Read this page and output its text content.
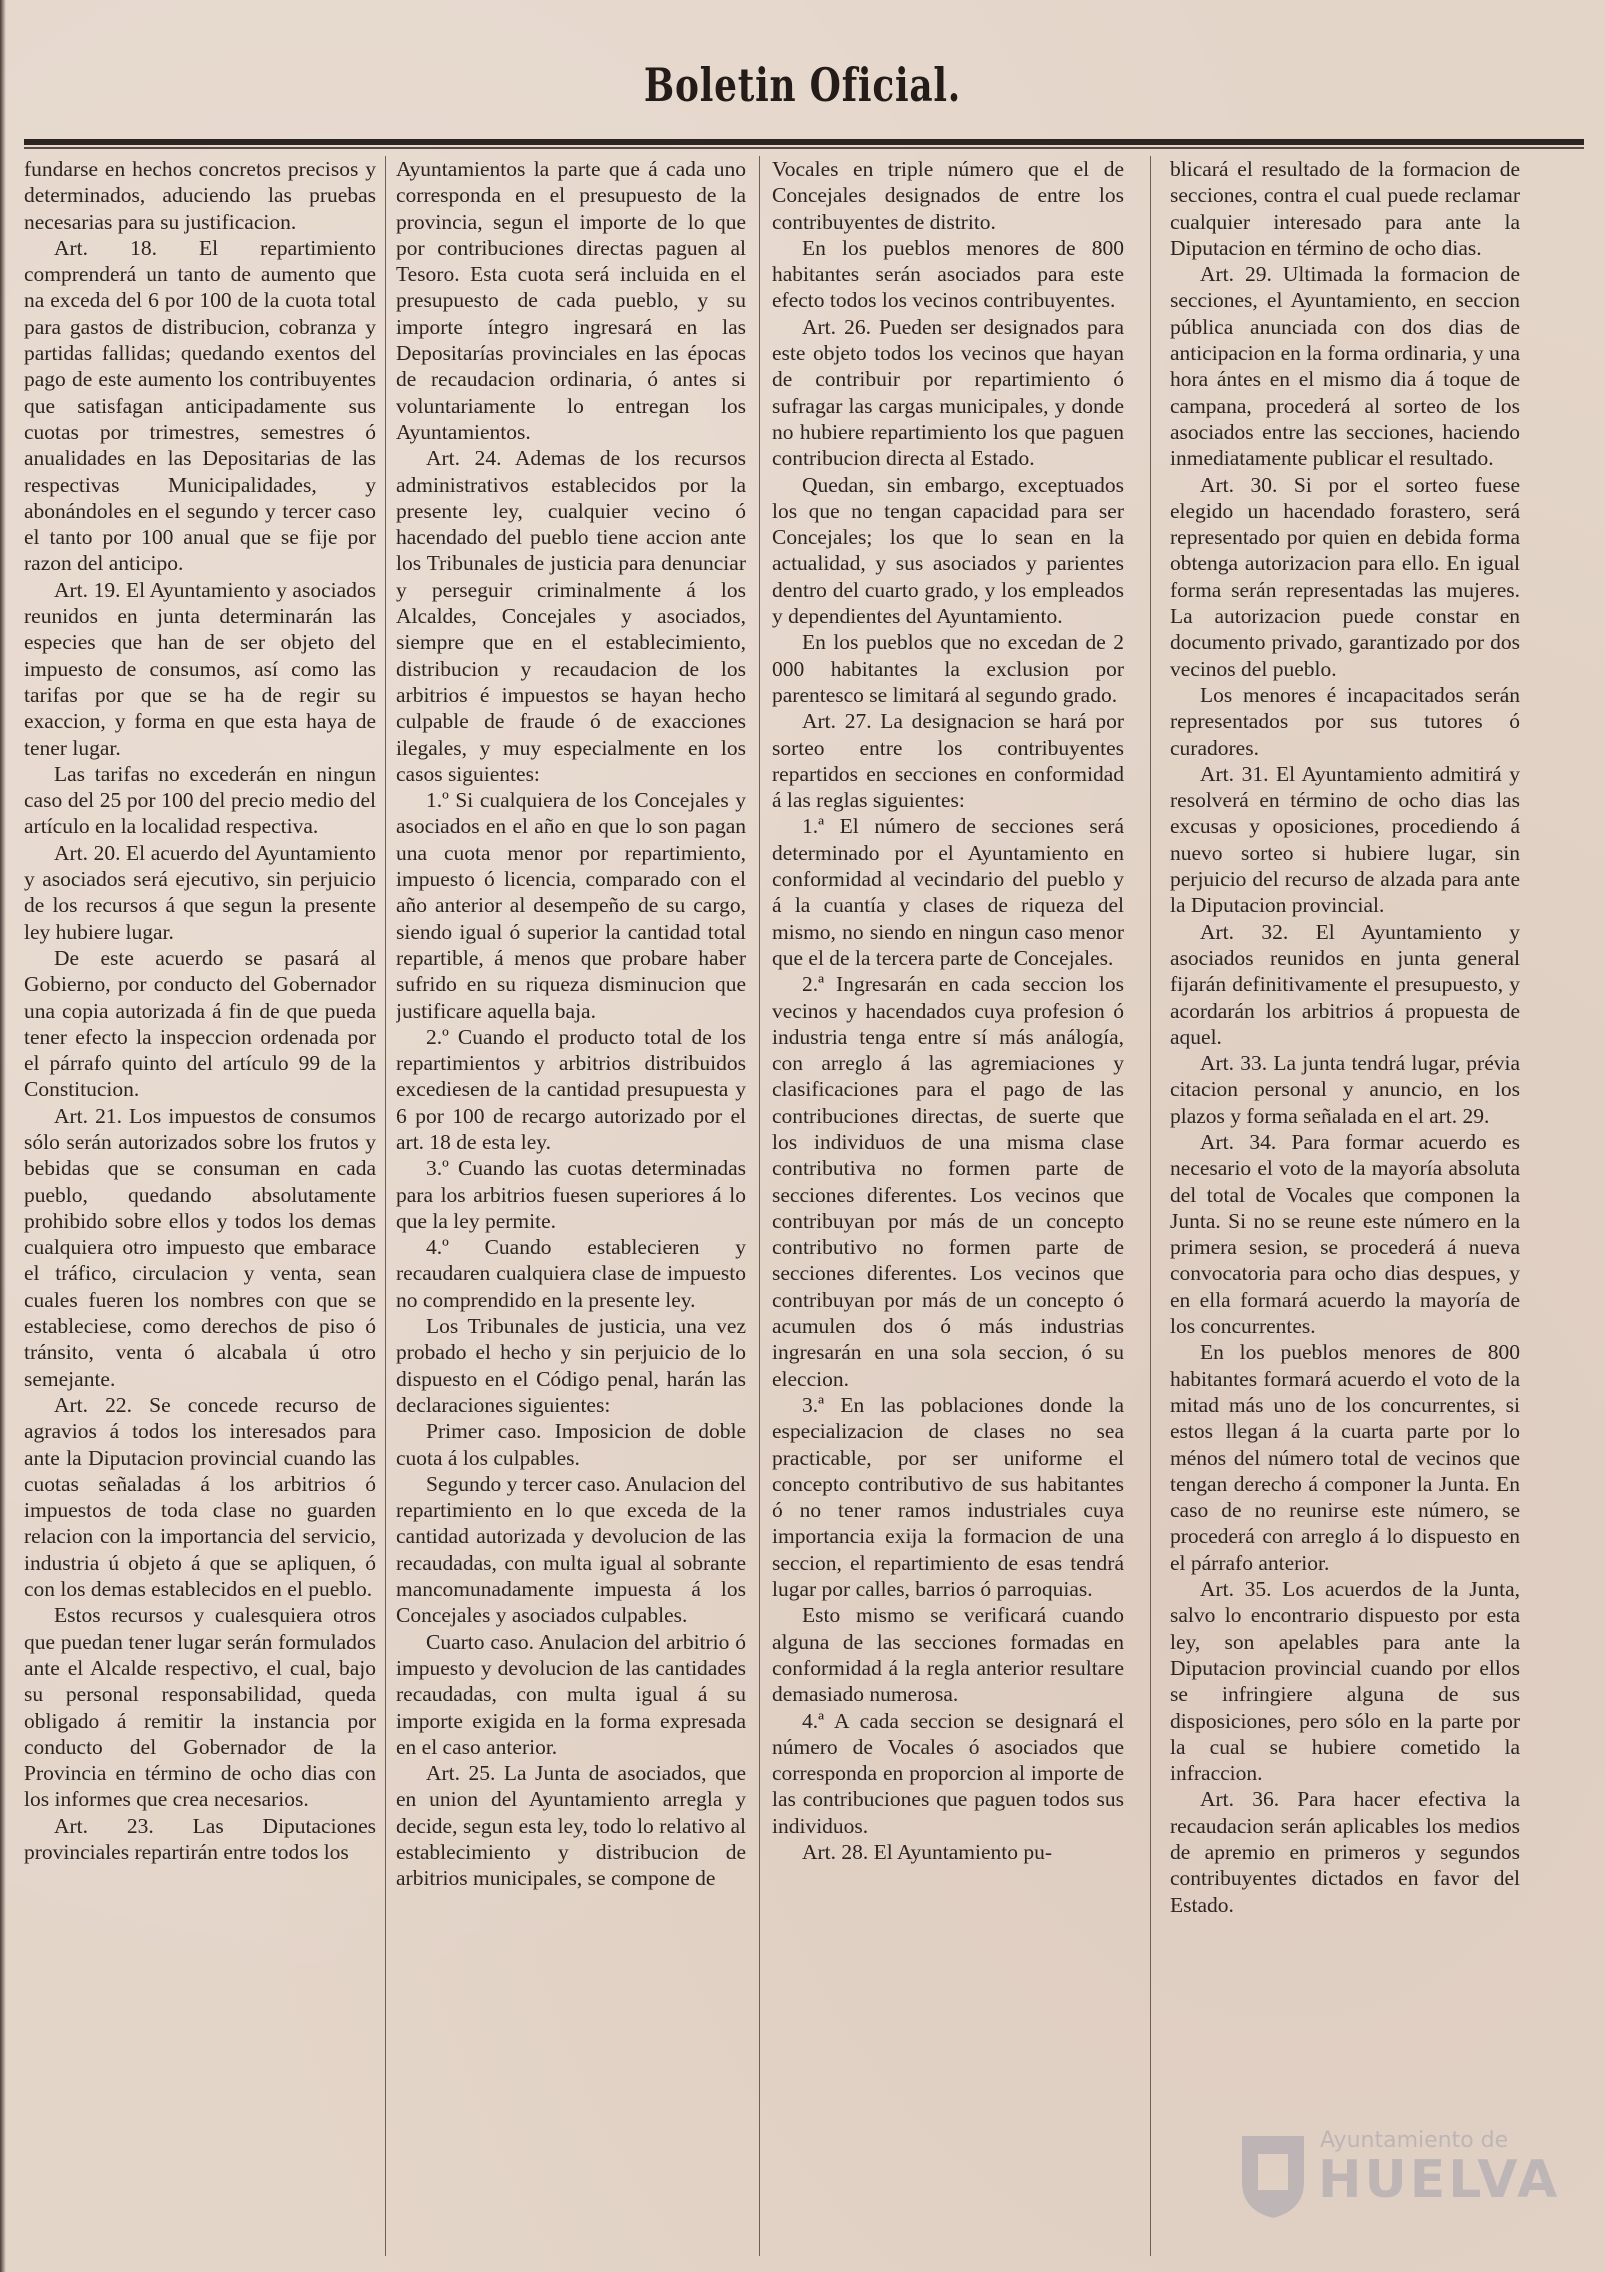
Boletin Oficial.

fundarse en hechos concretos precisos y determinados, aduciendo las pruebas necesarias para su justificacion.

Art. 18. El repartimiento comprenderá un tanto de aumento que na exceda del 6 por 100 de la cuota total para gastos de distribucion, cobranza y partidas fallidas; quedando exentos del pago de este aumento los contribuyentes que satisfagan anticipadamente sus cuotas por trimestres, semestres ó anualidades en las Depositarias de las respectivas Municipalidades, y abonándoles en el segundo y tercer caso el tanto por 100 anual que se fije por razon del anticipo.

Art. 19. El Ayuntamiento y asociados reunidos en junta determinarán las especies que han de ser objeto del impuesto de consumos, así como las tarifas por que se ha de regir su exaccion, y forma en que esta haya de tener lugar.

Las tarifas no excederán en ningun caso del 25 por 100 del precio medio del artículo en la localidad respectiva.

Art. 20. El acuerdo del Ayuntamiento y asociados será ejecutivo, sin perjuicio de los recursos á que segun la presente ley hubiere lugar.

De este acuerdo se pasará al Gobierno, por conducto del Gobernador una copia autorizada á fin de que pueda tener efecto la inspeccion ordenada por el párrafo quinto del artículo 99 de la Constitucion.

Art. 21. Los impuestos de consumos sólo serán autorizados sobre los frutos y bebidas que se consuman en cada pueblo, quedando absolutamente prohibido sobre ellos y todos los demas cualquiera otro impuesto que embarace el tráfico, circulacion y venta, sean cuales fueren los nombres con que se estableciese, como derechos de piso ó tránsito, venta ó alcabala ú otro semejante.

Art. 22. Se concede recurso de agravios á todos los interesados para ante la Diputacion provincial cuando las cuotas señaladas á los arbitrios ó impuestos de toda clase no guarden relacion con la importancia del servicio, industria ú objeto á que se apliquen, ó con los demas establecidos en el pueblo.

Estos recursos y cualesquiera otros que puedan tener lugar serán formulados ante el Alcalde respectivo, el cual, bajo su personal responsabilidad, queda obligado á remitir la instancia por conducto del Gobernador de la Provincia en término de ocho dias con los informes que crea necesarios.

Art. 23. Las Diputaciones provinciales repartirán entre todos los

Ayuntamientos la parte que á cada uno corresponda en el presupuesto de la provincia, segun el importe de lo que por contribuciones directas paguen al Tesoro. Esta cuota será incluida en el presupuesto de cada pueblo, y su importe íntegro ingresará en las Depositarías provinciales en las épocas de recaudacion ordinaria, ó antes si voluntariamente lo entregan los Ayuntamientos.

Art. 24. Ademas de los recursos administrativos establecidos por la presente ley, cualquier vecino ó hacendado del pueblo tiene accion ante los Tribunales de justicia para denunciar y perseguir criminalmente á los Alcaldes, Concejales y asociados, siempre que en el establecimiento, distribucion y recaudacion de los arbitrios é impuestos se hayan hecho culpable de fraude ó de exacciones ilegales, y muy especialmente en los casos siguientes:

1.º Si cualquiera de los Concejales y asociados en el año en que lo son pagan una cuota menor por repartimiento, impuesto ó licencia, comparado con el año anterior al desempeño de su cargo, siendo igual ó superior la cantidad total repartible, á menos que probare haber sufrido en su riqueza disminucion que justificare aquella baja.

2.º Cuando el producto total de los repartimientos y arbitrios distribuidos excediesen de la cantidad presupuesta y 6 por 100 de recargo autorizado por el art. 18 de esta ley.

3.º Cuando las cuotas determinadas para los arbitrios fuesen superiores á lo que la ley permite.

4.º Cuando establecieren y recaudaren cualquiera clase de impuesto no comprendido en la presente ley.

Los Tribunales de justicia, una vez probado el hecho y sin perjuicio de lo dispuesto en el Código penal, harán las declaraciones siguientes:

Primer caso. Imposicion de doble cuota á los culpables.

Segundo y tercer caso. Anulacion del repartimiento en lo que exceda de la cantidad autorizada y devolucion de las recaudadas, con multa igual al sobrante mancomunadamente impuesta á los Concejales y asociados culpables.

Cuarto caso. Anulacion del arbitrio ó impuesto y devolucion de las cantidades recaudadas, con multa igual á su importe exigida en la forma expresada en el caso anterior.

Art. 25. La Junta de asociados, que en union del Ayuntamiento arregla y decide, segun esta ley, todo lo relativo al establecimiento y distribucion de arbitrios municipales, se compone de

Vocales en triple número que el de Concejales designados de entre los contribuyentes de distrito.

En los pueblos menores de 800 habitantes serán asociados para este efecto todos los vecinos contribuyentes.

Art. 26. Pueden ser designados para este objeto todos los vecinos que hayan de contribuir por repartimiento ó sufragar las cargas municipales, y donde no hubiere repartimiento los que paguen contribucion directa al Estado.

Quedan, sin embargo, exceptuados los que no tengan capacidad para ser Concejales; los que lo sean en la actualidad, y sus asociados y parientes dentro del cuarto grado, y los empleados y dependientes del Ayuntamiento.

En los pueblos que no excedan de 2 000 habitantes la exclusion por parentesco se limitará al segundo grado.

Art. 27. La designacion se hará por sorteo entre los contribuyentes repartidos en secciones en conformidad á las reglas siguientes:

1.ª El número de secciones será determinado por el Ayuntamiento en conformidad al vecindario del pueblo y á la cuantía y clases de riqueza del mismo, no siendo en ningun caso menor que el de la tercera parte de Concejales.

2.ª Ingresarán en cada seccion los vecinos y hacendados cuya profesion ó industria tenga entre sí más análogía, con arreglo á las agremiaciones y clasificaciones para el pago de las contribuciones directas, de suerte que los individuos de una misma clase contributiva no formen parte de secciones diferentes. Los vecinos que contribuyan por más de un concepto contributivo no formen parte de secciones diferentes. Los vecinos que contribuyan por más de un concepto ó acumulen dos ó más industrias ingresarán en una sola seccion, ó su eleccion.

3.ª En las poblaciones donde la especializacion de clases no sea practicable, por ser uniforme el concepto contributivo de sus habitantes ó no tener ramos industriales cuya importancia exija la formacion de una seccion, el repartimiento de esas tendrá lugar por calles, barrios ó parroquias.

Esto mismo se verificará cuando alguna de las secciones formadas en conformidad á la regla anterior resultare demasiado numerosa.

4.ª A cada seccion se designará el número de Vocales ó asociados que corresponda en proporcion al importe de las contribuciones que paguen todos sus individuos.

Art. 28. El Ayuntamiento pu-

blicará el resultado de la formacion de secciones, contra el cual puede reclamar cualquier interesado para ante la Diputacion en término de ocho dias.

Art. 29. Ultimada la formacion de secciones, el Ayuntamiento, en seccion pública anunciada con dos dias de anticipacion en la forma ordinaria, y una hora ántes en el mismo dia á toque de campana, procederá al sorteo de los asociados entre las secciones, haciendo inmediatamente publicar el resultado.

Art. 30. Si por el sorteo fuese elegido un hacendado forastero, será representado por quien en debida forma obtenga autorizacion para ello. En igual forma serán representadas las mujeres. La autorizacion puede constar en documento privado, garantizado por dos vecinos del pueblo.

Los menores é incapacitados serán representados por sus tutores ó curadores.

Art. 31. El Ayuntamiento admitirá y resolverá en término de ocho dias las excusas y oposiciones, procediendo á nuevo sorteo si hubiere lugar, sin perjuicio del recurso de alzada para ante la Diputacion provincial.

Art. 32. El Ayuntamiento y asociados reunidos en junta general fijarán definitivamente el presupuesto, y acordarán los arbitrios á propuesta de aquel.

Art. 33. La junta tendrá lugar, prévia citacion personal y anuncio, en los plazos y forma señalada en el art. 29.

Art. 34. Para formar acuerdo es necesario el voto de la mayoría absoluta del total de Vocales que componen la Junta. Si no se reune este número en la primera sesion, se procederá á nueva convocatoria para ocho dias despues, y en ella formará acuerdo la mayoría de los concurrentes.

En los pueblos menores de 800 habitantes formará acuerdo el voto de la mitad más uno de los concurrentes, si estos llegan á la cuarta parte por lo ménos del número total de vecinos que tengan derecho á componer la Junta. En caso de no reunirse este número, se procederá con arreglo á lo dispuesto en el párrafo anterior.

Art. 35. Los acuerdos de la Junta, salvo lo encontrario dispuesto por esta ley, son apelables para ante la Diputacion provincial cuando por ellos se infringiere alguna de sus disposiciones, pero sólo en la parte por la cual se hubiere cometido la infraccion.

Art. 36. Para hacer efectiva la recaudacion serán aplicables los medios de apremio en primeros y segundos contribuyentes dictados en favor del Estado.

Ayuntamiento de
HUELVA
